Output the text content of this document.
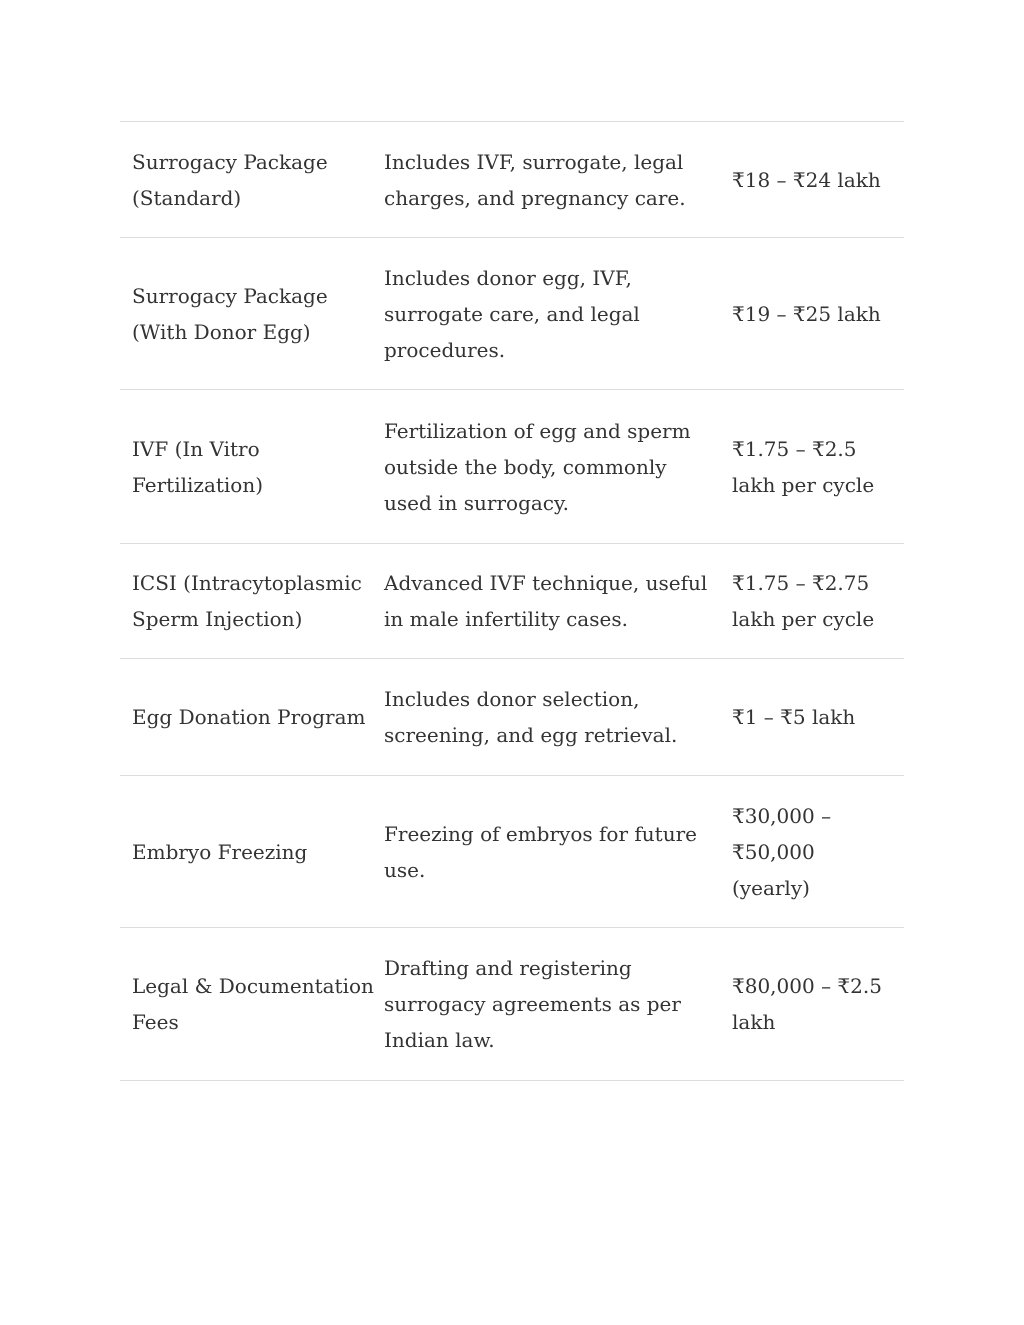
Surrogacy Package (Standard)
Includes IVF, surrogate, legal charges, and pregnancy care.
₹18 – ₹24 lakh
Surrogacy Package (With Donor Egg)
Includes donor egg, IVF, surrogate care, and legal procedures.
₹19 – ₹25 lakh
IVF (In Vitro Fertilization)
Fertilization of egg and sperm outside the body, commonly used in surrogacy.
₹1.75 – ₹2.5 lakh per cycle
ICSI (Intracytoplasmic Sperm Injection)
Advanced IVF technique, useful in male infertility cases.
₹1.75 – ₹2.75 lakh per cycle
Egg Donation Program
Includes donor selection, screening, and egg retrieval.
₹1 – ₹5 lakh
Embryo Freezing
Freezing of embryos for future use.
₹30,000 – ₹50,000 (yearly)
Legal & Documentation Fees
Drafting and registering surrogacy agreements as per Indian law.
₹80,000 – ₹2.5 lakh
